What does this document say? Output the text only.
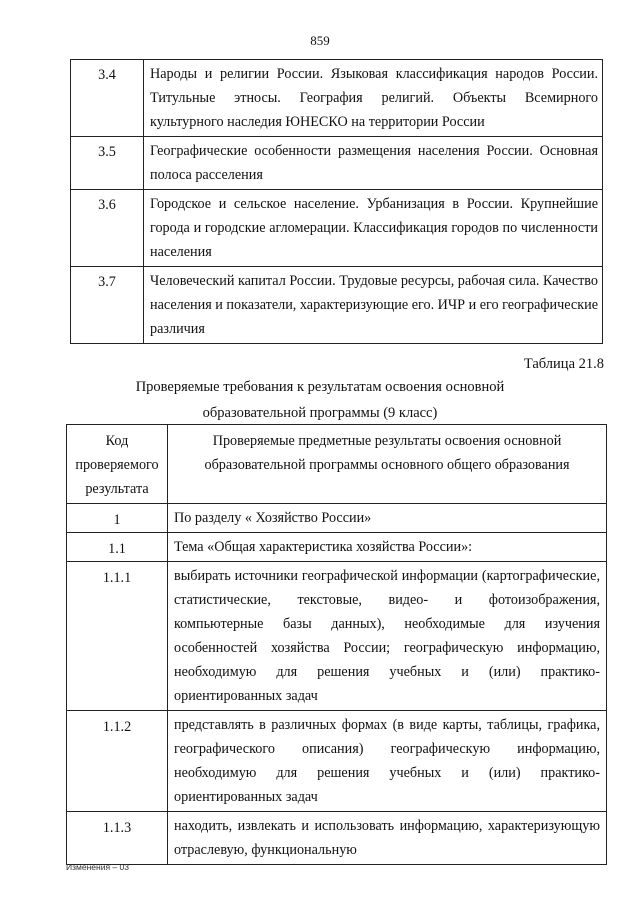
859
3.4	Народы и религии России. Языковая классификация народов России. Титульные этносы. География религий. Объекты Всемирного культурного наследия ЮНЕСКО на территории России
3.5	Географические особенности размещения населения России. Основная полоса расселения
3.6	Городское и сельское население. Урбанизация в России. Крупнейшие города и городские агломерации. Классификация городов по численности населения
3.7	Человеческий капитал России. Трудовые ресурсы, рабочая сила. Качество населения и показатели, характеризующие его. ИЧР и его географические различия
Таблица 21.8
Проверяемые требования к результатам освоения основной
образовательной программы (9 класс)
Код проверяемого результата	Проверяемые предметные результаты освоения основной образовательной программы основного общего образования
1	По разделу « Хозяйство России»
1.1	Тема «Общая характеристика хозяйства России»:
1.1.1	выбирать источники географической информации (картографические, статистические, текстовые, видео- и фотоизображения, компьютерные базы данных), необходимые для изучения особенностей хозяйства России; географическую информацию, необходимую для решения учебных и (или) практико-ориентированных задач
1.1.2	представлять в различных формах (в виде карты, таблицы, графика, географического описания) географическую информацию, необходимую для решения учебных и (или) практико-ориентированных задач
1.1.3	находить, извлекать и использовать информацию, характеризующую отраслевую, функциональную
Изменения – 03
